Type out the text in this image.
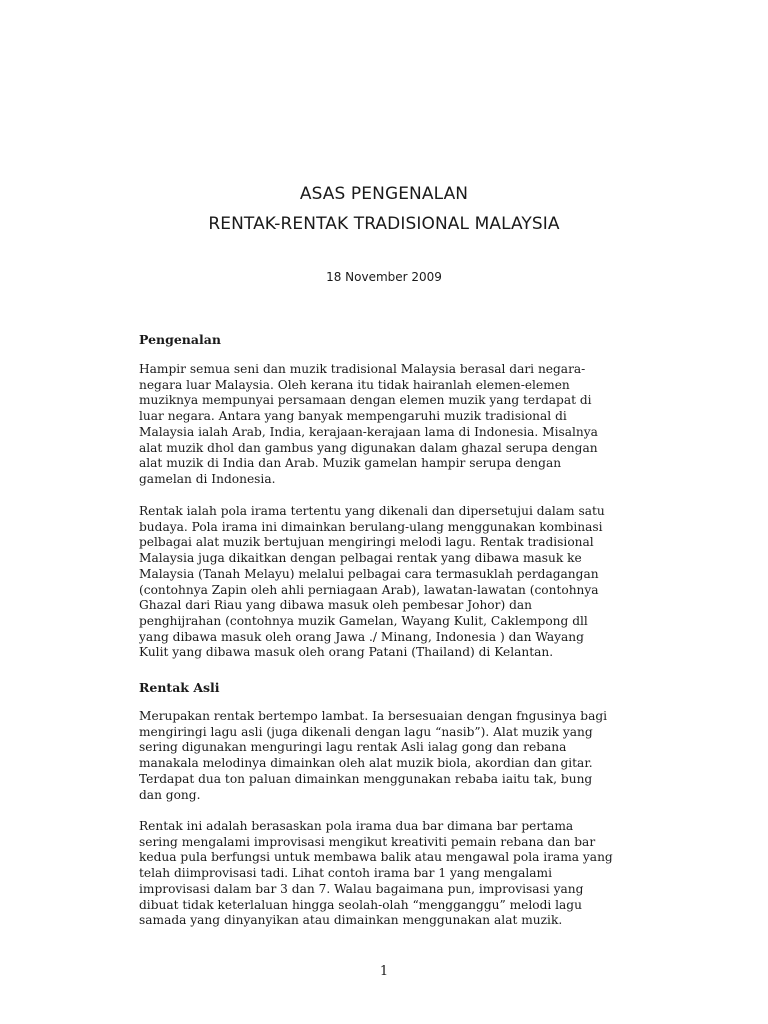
ASAS PENGENALAN
RENTAK-RENTAK TRADISIONAL MALAYSIA
18 November 2009
Pengenalan
Hampir semua seni dan muzik tradisional Malaysia berasal dari negara-
negara luar Malaysia. Oleh kerana itu tidak hairanlah elemen-elemen
muziknya mempunyai persamaan dengan elemen muzik yang terdapat di
luar negara. Antara yang banyak mempengaruhi muzik tradisional di
Malaysia ialah Arab, India, kerajaan-kerajaan lama di Indonesia. Misalnya
alat muzik dhol dan gambus yang digunakan dalam ghazal serupa dengan
alat muzik di India dan Arab. Muzik gamelan hampir serupa dengan
gamelan di Indonesia.
Rentak ialah pola irama tertentu yang dikenali dan dipersetujui dalam satu
budaya. Pola irama ini dimainkan berulang-ulang menggunakan kombinasi
pelbagai alat muzik bertujuan mengiringi melodi lagu. Rentak tradisional
Malaysia juga dikaitkan dengan pelbagai rentak yang dibawa masuk ke
Malaysia (Tanah Melayu) melalui pelbagai cara termasuklah perdagangan
(contohnya Zapin oleh ahli perniagaan Arab), lawatan-lawatan (contohnya
Ghazal dari Riau yang dibawa masuk oleh pembesar Johor) dan
penghijrahan (contohnya muzik Gamelan, Wayang Kulit, Caklempong dll
yang dibawa masuk oleh orang Jawa ./ Minang, Indonesia ) dan Wayang
Kulit yang dibawa masuk oleh orang Patani (Thailand) di Kelantan.
Rentak Asli
Merupakan rentak bertempo lambat. Ia bersesuaian dengan fngusinya bagi
mengiringi lagu asli (juga dikenali dengan lagu “nasib”). Alat muzik yang
sering digunakan menguringi lagu rentak Asli ialag gong dan rebana
manakala melodinya dimainkan oleh alat muzik biola, akordian dan gitar.
Terdapat dua ton paluan dimainkan menggunakan rebaba iaitu tak, bung
dan gong.
Rentak ini adalah berasaskan pola irama dua bar dimana bar pertama
sering mengalami improvisasi mengikut kreativiti pemain rebana dan bar
kedua pula berfungsi untuk membawa balik atau mengawal pola irama yang
telah diimprovisasi tadi. Lihat contoh irama bar 1 yang mengalami
improvisasi dalam bar 3 dan 7. Walau bagaimana pun, improvisasi yang
dibuat tidak keterlaluan hingga seolah-olah “mengganggu” melodi lagu
samada yang dinyanyikan atau dimainkan menggunakan alat muzik.
1
